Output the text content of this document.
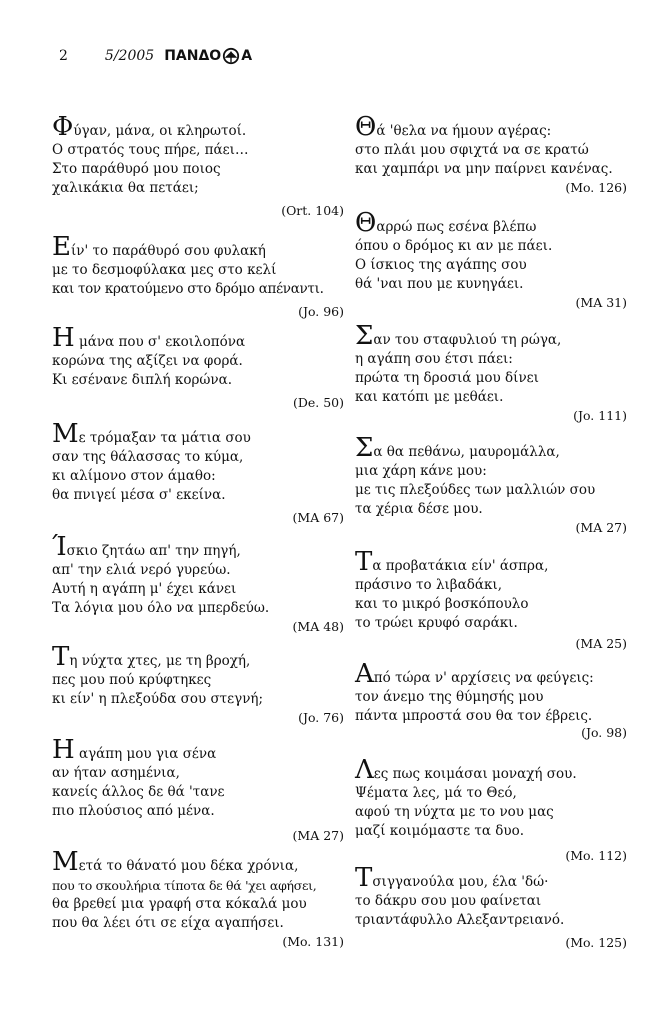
2	5/2005 ΠΑΝΔΟ Α
Φύγαν, μάνα, οι κληρωτοί.
Ο στρατός τους πήρε, πάει…
Στο παράθυρό μου ποιος
χαλικάκια θα πετάει;
(Ort. 104)
Είν' το παράθυρό σου φυλακή
με το δεσμοφύλακα μες στο κελί
και τον κρατούμενο στο δρόμο απέναντι.
(Jo. 96)
Η μάνα που σ' εκοιλοπόνα
κορώνα της αξίζει να φορά.
Κι εσένανε διπλή κορώνα.
(De. 50)
Με τρόμαξαν τα μάτια σου
σαν της θάλασσας το κύμα,
κι αλίμονο στον άμαθο:
θα πνιγεί μέσα σ' εκείνα.
(ΜΑ 67)
Ίσκιο ζητάω απ' την πηγή,
απ' την ελιά νερό γυρεύω.
Αυτή η αγάπη μ' έχει κάνει
Τα λόγια μου όλο να μπερδεύω.
(ΜΑ 48)
Τη νύχτα χτες, με τη βροχή,
πες μου πού κρύφτηκες
κι είν' η πλεξούδα σου στεγνή;
(Jo. 76)
Η αγάπη μου για σένα
αν ήταν ασημένια,
κανείς άλλος δε θά 'τανε
πιο πλούσιος από μένα.
(ΜΑ 27)
Μετά το θάνατό μου δέκα χρόνια,
που το σκουλήρια τίποτα δε θά 'χει αφήσει,
θα βρεθεί μια γραφή στα κόκαλά μου
που θα λέει ότι σε είχα αγαπήσει.
(Mo. 131)
Θά 'θελα να ήμουν αγέρας:
στο πλάι μου σφιχτά να σε κρατώ
και χαμπάρι να μην παίρνει κανένας.
(Mo. 126)
Θαρρώ πως εσένα βλέπω
όπου ο δρόμος κι αν με πάει.
Ο ίσκιος της αγάπης σου
θά 'ναι που με κυνηγάει.
(ΜΑ 31)
Σαν του σταφυλιού τη ρώγα,
η αγάπη σου έτσι πάει:
πρώτα τη δροσιά μου δίνει
και κατόπι με μεθάει.
(Jo. 111)
Σα θα πεθάνω, μαυρομάλλα,
μια χάρη κάνε μου:
με τις πλεξούδες των μαλλιών σου
τα χέρια δέσε μου.
(ΜΑ 27)
Τα προβατάκια είν' άσπρα,
πράσινο το λιβαδάκι,
και το μικρό βοσκόπουλο
το τρώει κρυφό σαράκι.
(ΜΑ 25)
Από τώρα ν' αρχίσεις να φεύγεις:
τον άνεμο της θύμησής μου
πάντα μπροστά σου θα τον έβρεις.
(Jo. 98)
Λες πως κοιμάσαι μοναχή σου.
Ψέματα λες, μά το Θεό,
αφού τη νύχτα με το νου μας
μαζί κοιμόμαστε τα δυο.
(Mo. 112)
Τσιγγανούλα μου, έλα 'δώ·
το δάκρυ σου μου φαίνεται
τριαντάφυλλο Αλεξαντρειανό.
(Mo. 125)
